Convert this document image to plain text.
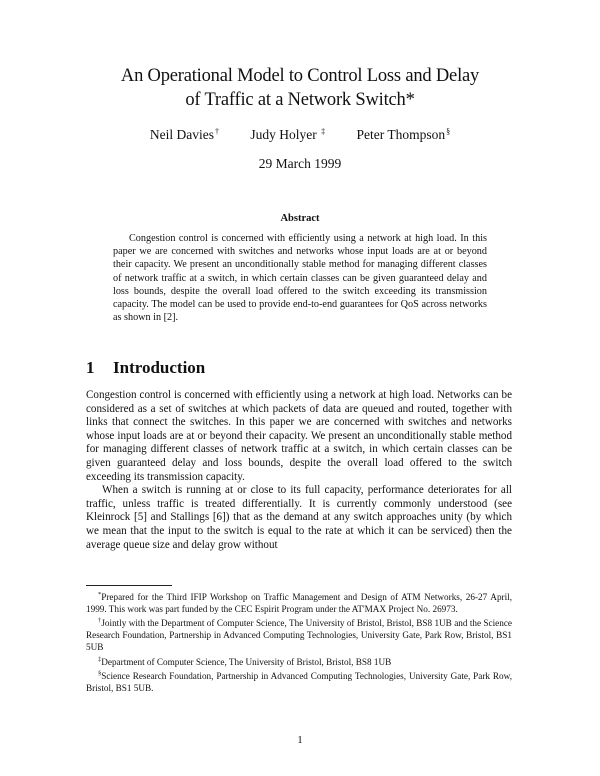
An Operational Model to Control Loss and Delay
of Traffic at a Network Switch*
Neil Davies† Judy Holyer ‡ Peter Thompson§
29 March 1999
Abstract
Congestion control is concerned with efficiently using a network at high load. In this paper we are concerned with switches and networks whose input loads are at or beyond their capacity. We present an unconditionally stable method for managing different classes of network traffic at a switch, in which certain classes can be given guaranteed delay and loss bounds, despite the overall load offered to the switch exceeding its transmission capacity. The model can be used to provide end-to-end guarantees for QoS across networks as shown in [2].
1 Introduction

Congestion control is concerned with efficiently using a network at high load. Networks can be considered as a set of switches at which packets of data are queued and routed, together with links that connect the switches. In this paper we are concerned with switches and networks whose input loads are at or beyond their capacity. We present an unconditionally stable method for managing different classes of network traffic at a switch, in which certain classes can be given guaranteed delay and loss bounds, despite the overall load offered to the switch exceeding its transmission capacity.

When a switch is running at or close to its full capacity, performance deteriorates for all traffic, unless traffic is treated differentially. It is currently commonly understood (see Kleinrock [5] and Stallings [6]) that as the demand at any switch approaches unity (by which we mean that the input to the switch is equal to the rate at which it can be serviced) then the average queue size and delay grow without

*Prepared for the Third IFIP Workshop on Traffic Management and Design of ATM Networks, 26-27 April, 1999. This work was part funded by the CEC Espirit Program under the AT'MAX Project No. 26973.

†Jointly with the Department of Computer Science, The University of Bristol, Bristol, BS8 1UB and the Science Research Foundation, Partnership in Advanced Computing Technologies, University Gate, Park Row, Bristol, BS1 5UB

‡Department of Computer Science, The University of Bristol, Bristol, BS8 1UB

§Science Research Foundation, Partnership in Advanced Computing Technologies, University Gate, Park Row, Bristol, BS1 5UB.

1
